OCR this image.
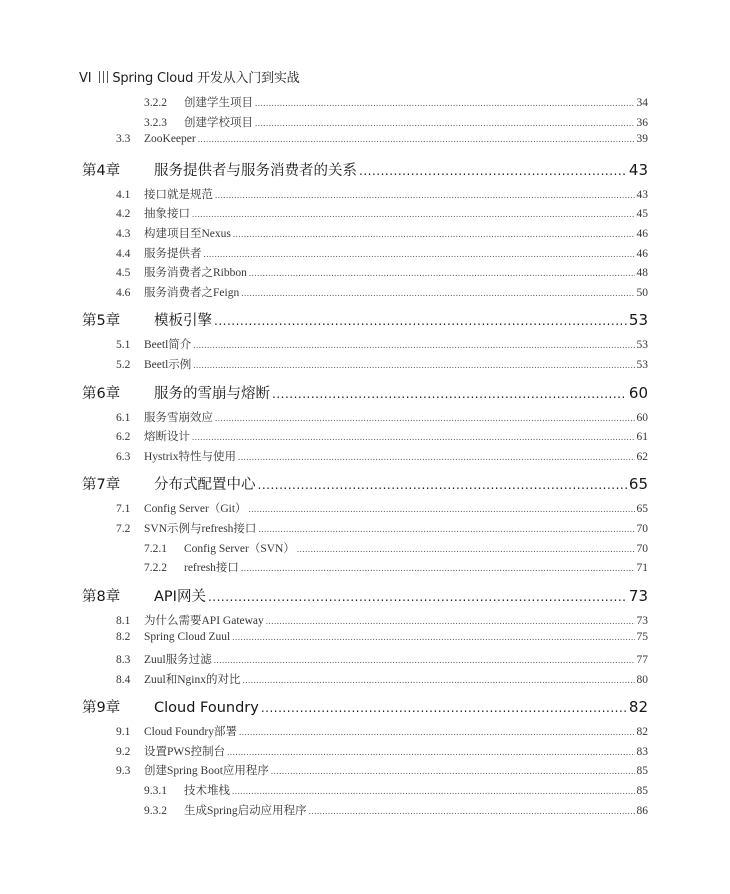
VI Spring Cloud 开发从入门到实战
3.2.2	创建学生项目 .....	34
3.2.3	创建学校项目 .....	36
3.3	ZooKeeper .....	39
第4章	服务提供者与服务消费者的关系 .....	43
4.1	接口就是规范 .....	43
4.2	抽象接口 .....	45
4.3	构建项目至Nexus .....	46
4.4	服务提供者 .....	46
4.5	服务消费者之Ribbon .....	48
4.6	服务消费者之Feign .....	50
第5章	模板引擎 .....	53
5.1	Beetl简介 .....	53
5.2	Beetl示例 .....	53
第6章	服务的雪崩与熔断 .....	60
6.1	服务雪崩效应 .....	60
6.2	熔断设计 .....	61
6.3	Hystrix特性与使用 .....	62
第7章	分布式配置中心 .....	65
7.1	Config Server（Git） .....	65
7.2	SVN示例与refresh接口 .....	70
7.2.1	Config Server（SVN） .....	70
7.2.2	refresh接口 .....	71
第8章	API网关 .....	73
8.1	为什么需要API Gateway .....	73
8.2	Spring Cloud Zuul .....	75
8.3	Zuul服务过滤 .....	77
8.4	Zuul和Nginx的对比 .....	80
第9章	Cloud Foundry .....	82
9.1	Cloud Foundry部署 .....	82
9.2	设置PWS控制台 .....	83
9.3	创建Spring Boot应用程序 .....	85
9.3.1	技术堆栈 .....	85
9.3.2	生成Spring启动应用程序 .....	86
